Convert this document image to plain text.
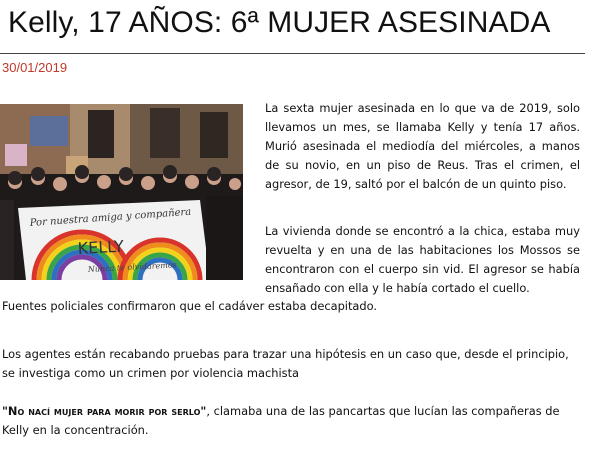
Kelly, 17 AÑOS: 6ª MUJER ASESINADA
30/01/2019
Por nuestra amiga y compañera
KELLY
Nunca te olvidaremos

La sexta mujer asesinada en lo que va de 2019, solo llevamos un mes, se llamaba Kelly y tenía 17 años. Murió asesinada el mediodía del miércoles, a manos de su novio, en un piso de Reus. Tras el crimen, el agresor, de 19, saltó por el balcón de un quinto piso.

La vivienda donde se encontró a la chica, estaba muy revuelta y en una de las habitaciones los Mossos se encontraron con el cuerpo sin vid. El agresor se había ensañado con ella y le había cortado el cuello.

Fuentes policiales confirmaron que el cadáver estaba decapitado.

Los agentes están recabando pruebas para trazar una hipótesis en un caso que, desde el principio, se investiga como un crimen por violencia machista

"No nací mujer para morir por serlo", clamaba una de las pancartas que lucían las compañeras de Kelly en la concentración.
